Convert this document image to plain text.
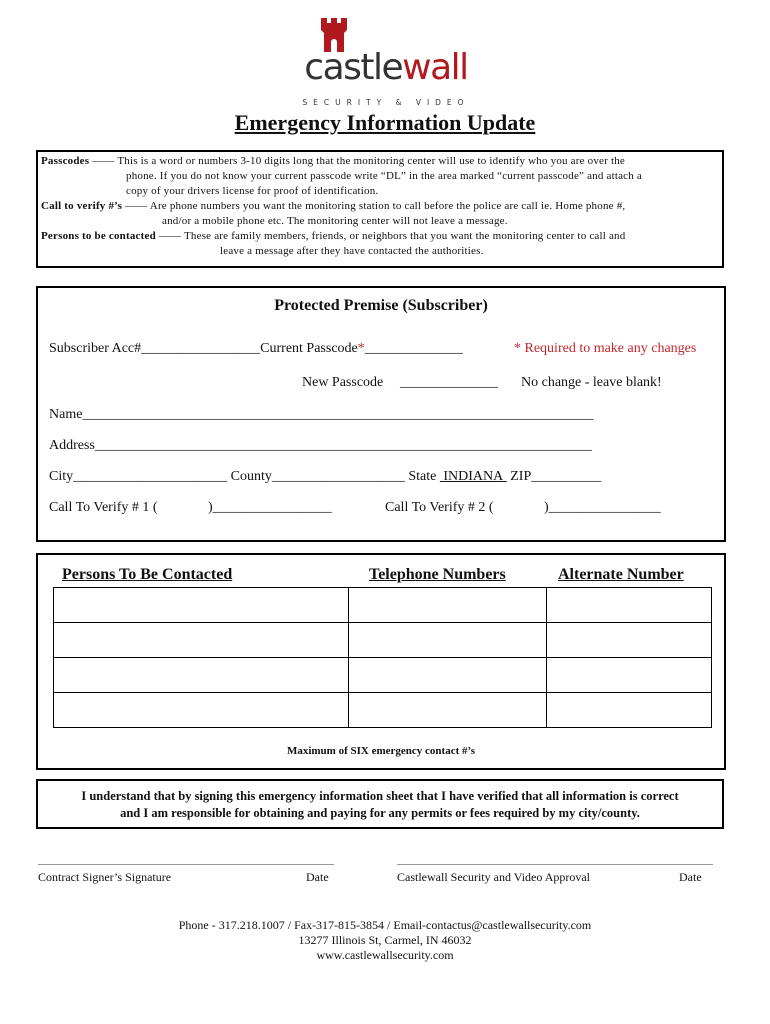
castlewall
SECURITY & VIDEO
Emergency Information Update
Passcodes —— This is a word or numbers 3-10 digits long that the monitoring center will use to identify who you are over the
phone. If you do not know your current passcode write “DL” in the area marked “current passcode” and attach a
copy of your drivers license for proof of identification.
Call to verify #’s —— Are phone numbers you want the monitoring station to call before the police are call ie. Home phone #,
and/or a mobile phone etc. The monitoring center will not leave a message.
Persons to be contacted —— These are family members, friends, or neighbors that you want the monitoring center to call and
leave a message after they have contacted the authorities.
Protected Premise (Subscriber)
Subscriber Acc#_________________Current Passcode*______________	* Required to make any changes
New Passcode ______________ No change - leave blank!
Name_________________________________________________________________________
Address_______________________________________________________________________
City______________________ County___________________ State INDIANA ZIP__________
Call To Verify # 1 (	)_________________	Call To Verify # 2 (	)________________
Persons To Be Contacted	Telephone Numbers	Alternate Number

Maximum of SIX emergency contact #’s
I understand that by signing this emergency information sheet that I have verified that all information is correct
and I am responsible for obtaining and paying for any permits or fees required by my city/county.
Contract Signer’s Signature	Date	Castlewall Security and Video Approval	Date
Phone - 317.218.1007 / Fax-317-815-3854 / Email-contactus@castlewallsecurity.com
13277 Illinois St, Carmel, IN 46032
www.castlewallsecurity.com
